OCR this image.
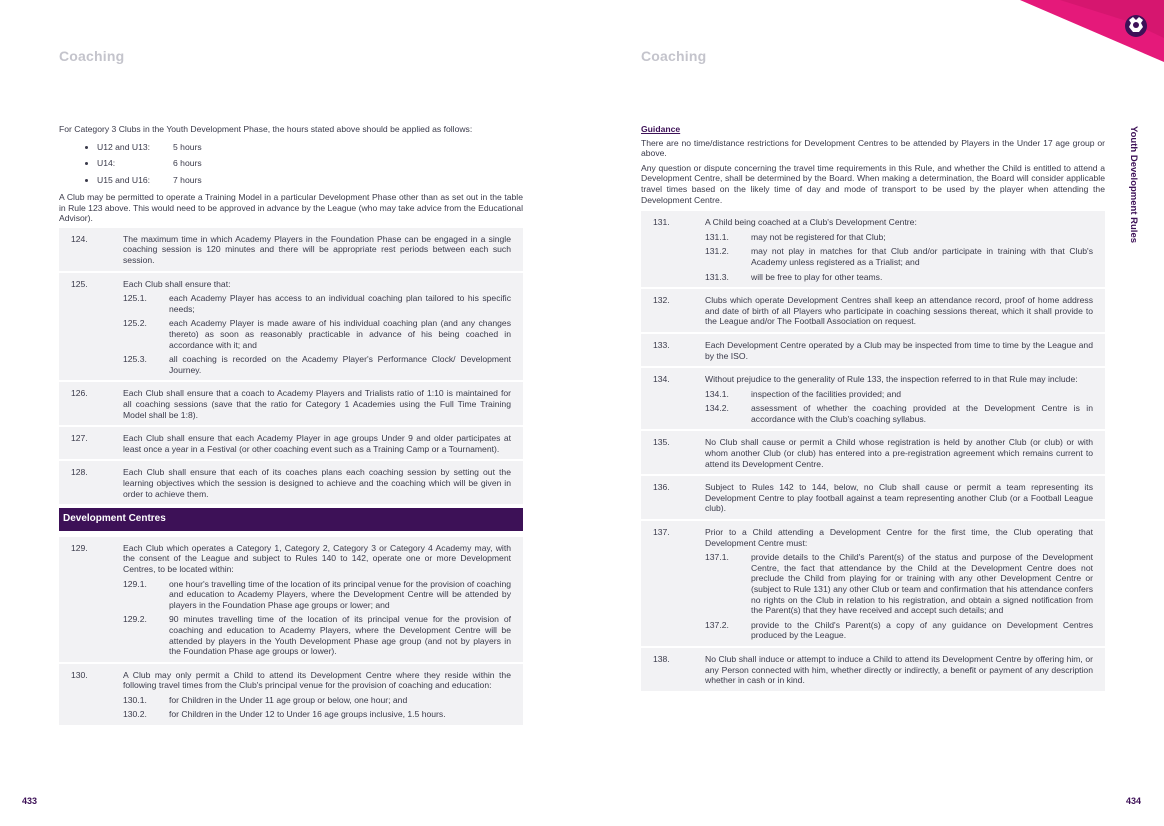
Coaching

For Category 3 Clubs in the Youth Development Phase, the hours stated above should be applied as follows:

• U12 and U13:	5 hours
• U14:	6 hours
• U15 and U16:	7 hours

A Club may be permitted to operate a Training Model in a particular Development Phase other than as set out in the table in Rule 123 above. This would need to be approved in advance by the League (who may take advice from the Educational Advisor).

124.	The maximum time in which Academy Players in the Foundation Phase can be engaged in a single coaching session is 120 minutes and there will be appropriate rest periods between each such session.
125.	Each Club shall ensure that:
125.1.	each Academy Player has access to an individual coaching plan tailored to his specific needs;
125.2.	each Academy Player is made aware of his individual coaching plan (and any changes thereto) as soon as reasonably practicable in advance of his being coached in accordance with it; and
125.3.	all coaching is recorded on the Academy Player's Performance Clock/ Development Journey.
126.	Each Club shall ensure that a coach to Academy Players and Trialists ratio of 1:10 is maintained for all coaching sessions (save that the ratio for Category 1 Academies using the Full Time Training Model shall be 1:8).
127.	Each Club shall ensure that each Academy Player in age groups Under 9 and older participates at least once a year in a Festival (or other coaching event such as a Training Camp or a Tournament).
128.	Each Club shall ensure that each of its coaches plans each coaching session by setting out the learning objectives which the session is designed to achieve and the coaching which will be given in order to achieve them.
Development Centres
129.	Each Club which operates a Category 1, Category 2, Category 3 or Category 4 Academy may, with the consent of the League and subject to Rules 140 to 142, operate one or more Development Centres, to be located within:
129.1.	one hour's travelling time of the location of its principal venue for the provision of coaching and education to Academy Players, where the Development Centre will be attended by players in the Foundation Phase age groups or lower; and
129.2.	90 minutes travelling time of the location of its principal venue for the provision of coaching and education to Academy Players, where the Development Centre will be attended by players in the Youth Development Phase age group (and not by players in the Foundation Phase age groups or lower).
130.	A Club may only permit a Child to attend its Development Centre where they reside within the following travel times from the Club's principal venue for the provision of coaching and education:
130.1.	for Children in the Under 11 age group or below, one hour; and
130.2.	for Children in the Under 12 to Under 16 age groups inclusive, 1.5 hours.
433
Coaching
Guidance

There are no time/distance restrictions for Development Centres to be attended by Players in the Under 17 age group or above.

Any question or dispute concerning the travel time requirements in this Rule, and whether the Child is entitled to attend a Development Centre, shall be determined by the Board. When making a determination, the Board will consider applicable travel times based on the likely time of day and mode of transport to be used by the player when attending the Development Centre.

131.	A Child being coached at a Club's Development Centre:
131.1.	may not be registered for that Club;
131.2.	may not play in matches for that Club and/or participate in training with that Club's Academy unless registered as a Trialist; and
131.3.	will be free to play for other teams.
132.	Clubs which operate Development Centres shall keep an attendance record, proof of home address and date of birth of all Players who participate in coaching sessions thereat, which it shall provide to the League and/or The Football Association on request.
133.	Each Development Centre operated by a Club may be inspected from time to time by the League and by the ISO.
134.	Without prejudice to the generality of Rule 133, the inspection referred to in that Rule may include:
134.1.	inspection of the facilities provided; and
134.2.	assessment of whether the coaching provided at the Development Centre is in accordance with the Club's coaching syllabus.
135.	No Club shall cause or permit a Child whose registration is held by another Club (or club) or with whom another Club (or club) has entered into a pre-registration agreement which remains current to attend its Development Centre.
136.	Subject to Rules 142 to 144, below, no Club shall cause or permit a team representing its Development Centre to play football against a team representing another Club (or a Football League club).
137.	Prior to a Child attending a Development Centre for the first time, the Club operating that Development Centre must:
137.1.	provide details to the Child's Parent(s) of the status and purpose of the Development Centre, the fact that attendance by the Child at the Development Centre does not preclude the Child from playing for or training with any other Development Centre or (subject to Rule 131) any other Club or team and confirmation that his attendance confers no rights on the Club in relation to his registration, and obtain a signed notification from the Parent(s) that they have received and accept such details; and
137.2.	provide to the Child's Parent(s) a copy of any guidance on Development Centres produced by the League.
138.	No Club shall induce or attempt to induce a Child to attend its Development Centre by offering him, or any Person connected with him, whether directly or indirectly, a benefit or payment of any description whether in cash or in kind.
434
Youth Development Rules
